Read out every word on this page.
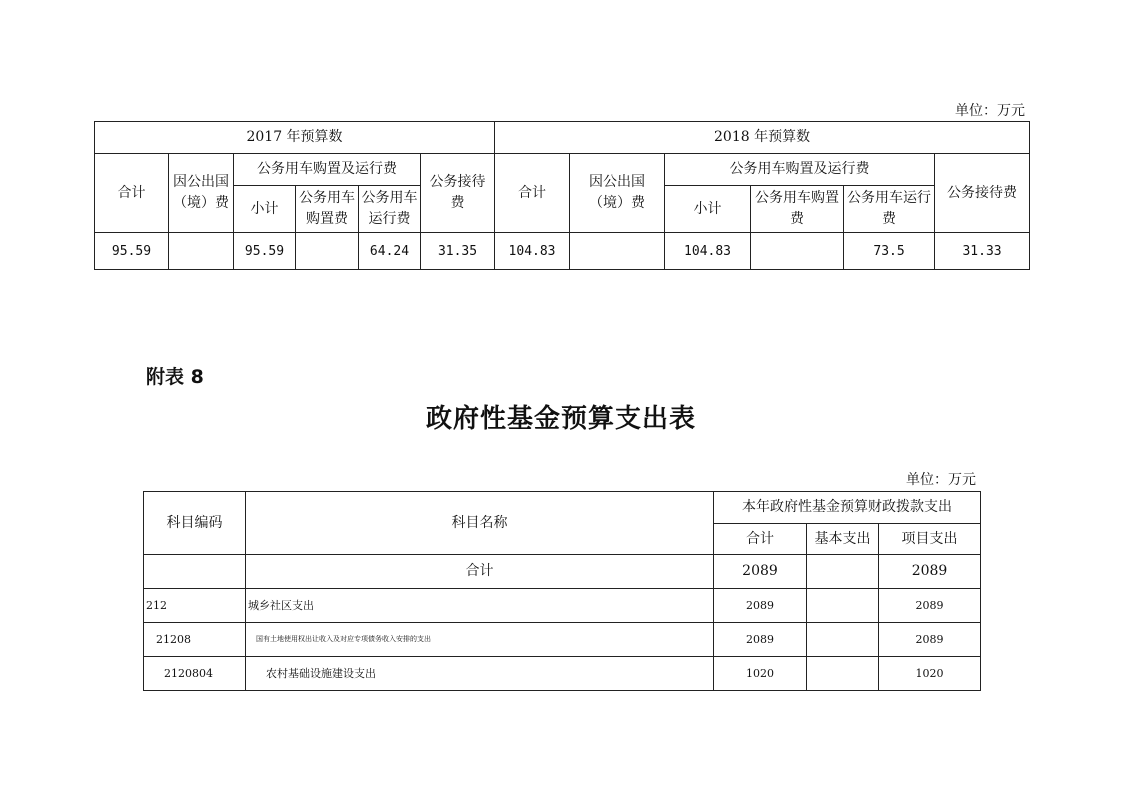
单位：万元
2017 年预算数						2018 年预算数					
合计	因公出国（境）费	公务用车购置及运行费			公务接待费	合计	因公出国（境）费	公务用车购置及运行费			公务接待费
		小计	公务用车购置费	公务用车运行费				小计	公务用车购置费	公务用车运行费	
95.59		95.59		64.24	31.35	104.83		104.83		73.5	31.33
附表 8
政府性基金预算支出表
单位：万元
科目编码	科目名称	本年政府性基金预算财政拨款支出		
		合计	基本支出	项目支出
	合计	2089		2089
212	城乡社区支出	2089		2089
21208	国有土地使用权出让收入及对应专项债务收入安排的支出	2089		2089
2120804	农村基础设施建设支出	1020		1020
